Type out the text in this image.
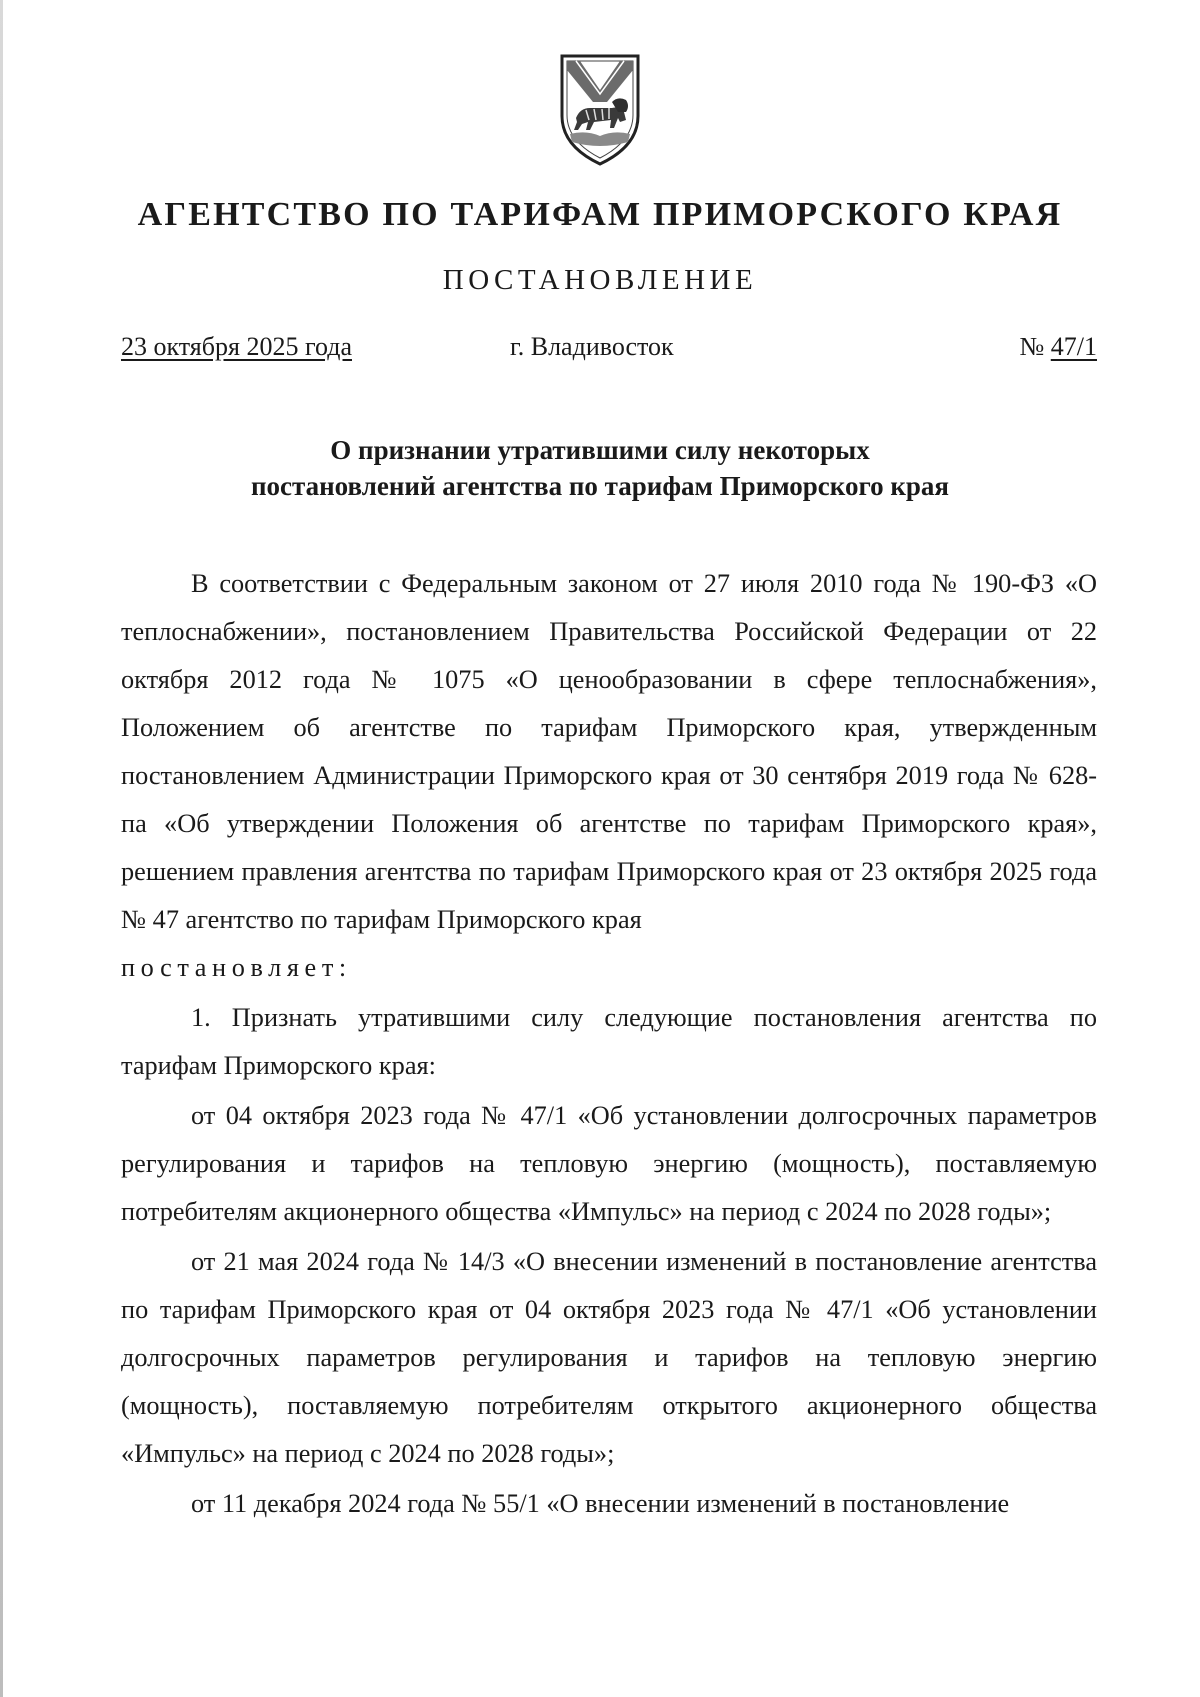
АГЕНТСТВО ПО ТАРИФАМ ПРИМОРСКОГО КРАЯ
ПОСТАНОВЛЕНИЕ
23 октября 2025 года	г. Владивосток	№ 47/1
О признании утратившими силу некоторых
постановлений агентства по тарифам Приморского края

В соответствии с Федеральным законом от 27 июля 2010 года № 190-ФЗ «О теплоснабжении», постановлением Правительства Российской Федерации от 22 октября 2012 года № 1075 «О ценообразовании в сфере теплоснабжения», Положением об агентстве по тарифам Приморского края, утвержденным постановлением Администрации Приморского края от 30 сентября 2019 года № 628-па «Об утверждении Положения об агентстве по тарифам Приморского края», решением правления агентства по тарифам Приморского края от 23 октября 2025 года № 47 агентство по тарифам Приморского края

постановляет:

1. Признать утратившими силу следующие постановления агентства по тарифам Приморского края:

от 04 октября 2023 года № 47/1 «Об установлении долгосрочных параметров регулирования и тарифов на тепловую энергию (мощность), поставляемую потребителям акционерного общества «Импульс» на период с 2024 по 2028 годы»;

от 21 мая 2024 года № 14/3 «О внесении изменений в постановление агентства по тарифам Приморского края от 04 октября 2023 года № 47/1 «Об установлении долгосрочных параметров регулирования и тарифов на тепловую энергию (мощность), поставляемую потребителям открытого акционерного общества «Импульс» на период с 2024 по 2028 годы»;

от 11 декабря 2024 года № 55/1 «О внесении изменений в постановление
